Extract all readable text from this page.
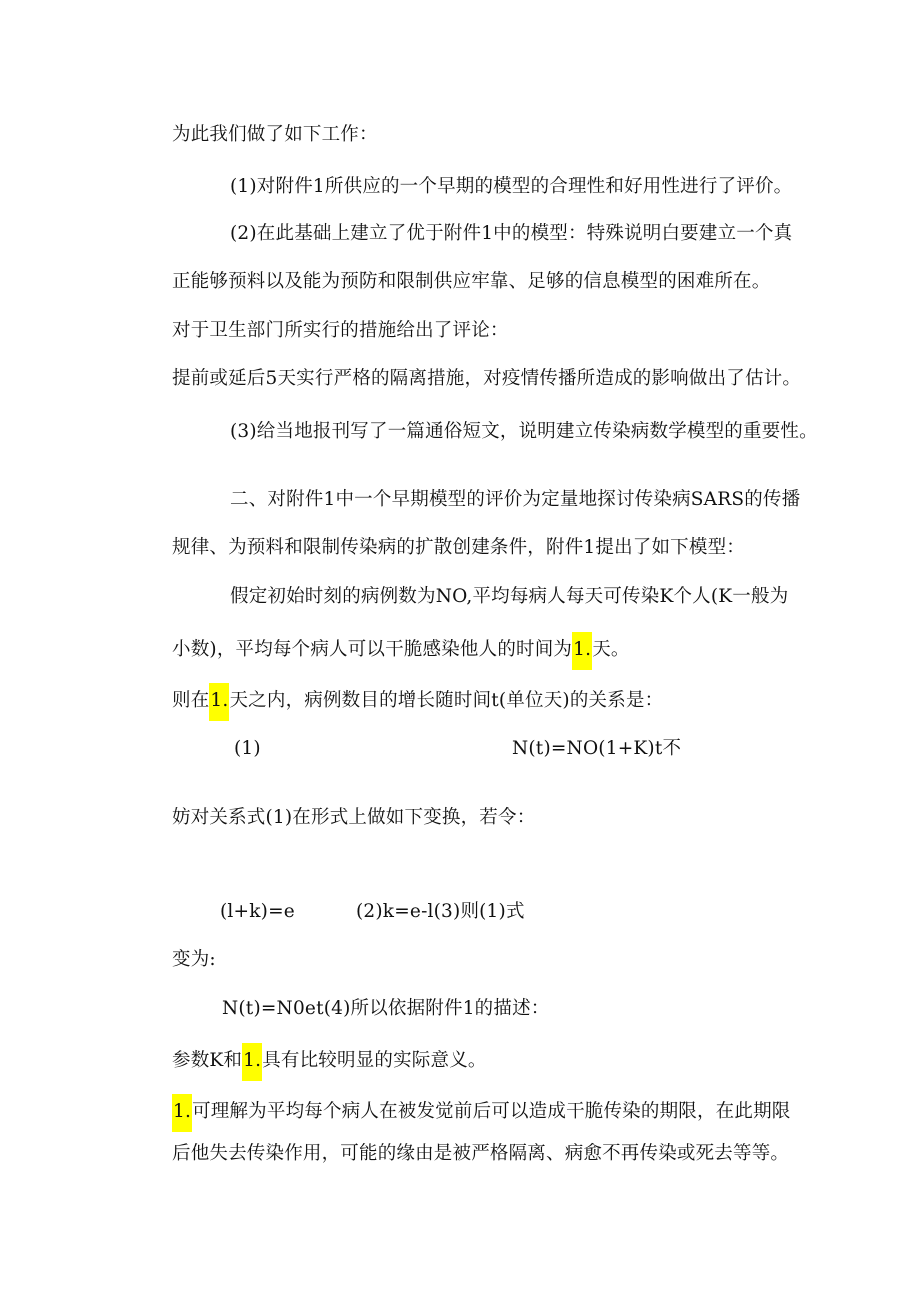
为此我们做了如下工作：
(1)对附件1所供应的一个早期的模型的合理性和好用性进行了评价。
(2)在此基础上建立了优于附件1中的模型：特殊说明白要建立一个真
正能够预料以及能为预防和限制供应牢靠、足够的信息模型的困难所在。
对于卫生部门所实行的措施给出了评论：
提前或延后5天实行严格的隔离措施，对疫情传播所造成的影响做出了估计。
(3)给当地报刊写了一篇通俗短文，说明建立传染病数学模型的重要性。
二、对附件1中一个早期模型的评价为定量地探讨传染病SARS的传播
规律、为预料和限制传染病的扩散创建条件，附件1提出了如下模型：
假定初始时刻的病例数为NO,平均每病人每天可传染K个人(K一般为
小数)，平均每个病人可以干脆感染他人的时间为1.天。
则在1.天之内，病例数目的增长随时间t(单位天)的关系是：
(1)	N(t)=NO(1+K)t不
妨对关系式(1)在形式上做如下变换，若令：
(l+k)=e	(2)k=e-l(3)则(1)式
变为:
N(t)=N0et(4)所以依据附件1的描述：
参数K和1.具有比较明显的实际意义。
1.可理解为平均每个病人在被发觉前后可以造成干脆传染的期限，在此期限
后他失去传染作用，可能的缘由是被严格隔离、病愈不再传染或死去等等。
